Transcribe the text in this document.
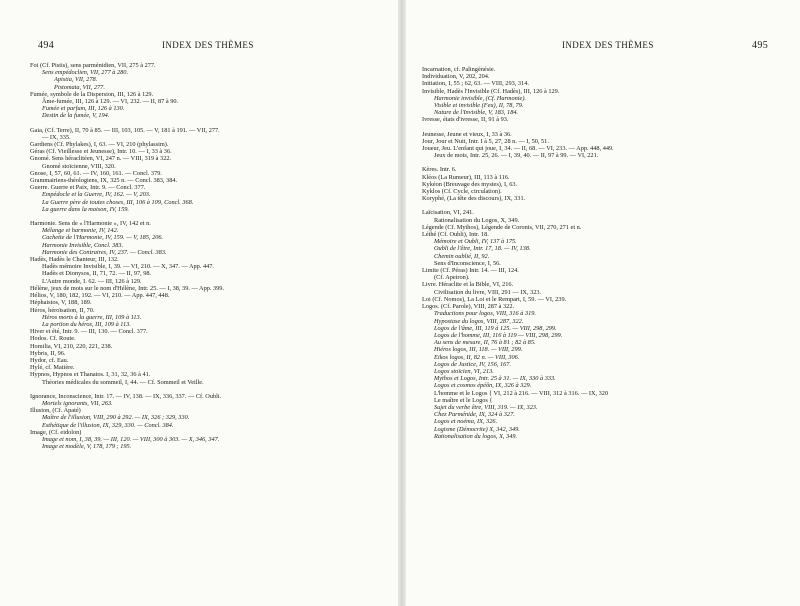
494	INDEX DES THÈMES
Foi (Cf. Pistis), sens parménidien, VII, 275 à 277.
Sens empédoclien, VII, 277 à 280.
Apistia, VII, 278.
Pistomata, VII, 277.
Fumée, symbole de la Dispersion, III, 126 à 129.
Âme-fumée, III, 126 à 129. — VI, 232. — II, 87 à 90.
Fumée et parfum, III, 126 à 130.
Destin de la fumée, V, 194.
Gaia, (Cf. Terre), II, 70 à 85. — III, 103, 105. — V, 181 à 191. — VII, 277.
— IX, 335.
Gardiens (Cf. Phylakes), I, 63. — VI, 210 (phylassim).
Géras (Cf. Vieillesse et Jeunesse), Intr. 10. — I, 33 à 36.
Gnomé. Sens héraclitéen, VI, 247 n. — VIII, 319 à 322.
Gnomé stoïcienne, VIII, 320.
Gnose, I, 57, 60, 61. — IV, 160, 161. — Concl. 379.
Grammairiens-théologiens, IX, 325 n. — Concl. 383, 384.
Guerre. Guerre et Paix, Intr. 9. — Concl. 377.
Empédocle et la Guerre, IV, 162. — V, 203.
La Guerre père de toutes choses, III, 106 à 109, Concl. 368.
La guerre dans la maison, IV, 159.
Harmonie. Sens de « l'Harmonie », IV, 142 et n.
Mélange et harmonie, IV, 142.
Cachette de l'Harmonie, IV, 159. — V, 185, 206.
Harmonie Invisible, Concl. 383.
Harmonie des Contraires, IV, 237. — Concl. 383.
Hadès, Hadès le Chanteur, III, 132.
Hadès mémoire Invisible, I, 39. — VI, 210. — X, 347. — App. 447.
Hadès et Dionysos, II, 71, 72. — II, 97, 98.
L'Autre monde, I. 62. — III, 126 à 129.
Hélène, jeux de mots sur le nom d'Hélène, Intr. 25. — I, 38, 39. — App. 399.
Hélios, V, 180, 182, 192. — VI, 210. — App. 447, 448.
Héphaistos, V, 188, 189.
Héros, héroïsation, II, 70.
Héros morts à la guerre, III, 109 à 113.
La portion du héros, III, 109 à 113.
Hiver et été, Intr. 9. — III, 130. — Concl. 377.
Hodos. Cf. Route.
Homilia, VI, 210, 220, 221, 238.
Hybris, II, 96.
Hydor, cf. Eau.
Hylé, cf. Matière.
Hypnos, Hypnos et Thanatos. I, 31, 32, 36 à 41.
Théories médicales du sommeil, I, 44. — Cf. Sommeil et Veille.
Ignorance, Inconscience, Intr. 17. — IV, 138. — IX, 336, 337. — Cf. Oubli.
Mortels ignorants, VII, 263.
Illusion, (Cf. Apaté)
Maître de l'illusion, VIII, 290 à 292. — IX, 326 ; 329, 330.
Esthétique de l'illusion, IX, 329, 330. — Concl. 384.
Image, (Cf. eidolon)
Image et nom, I, 38, 39. — III, 120. — VIII, 300 à 303. — X, 346, 347.
Image et modèle, V, 178, 179 ; 195.
INDEX DES THÈMES	495
Incarnation, cf. Palingénésie.
Individuation, V, 202, 204.
Initiation, I, 55 ; 62, 63. — VIII, 293, 314.
Invisible, Hadès l'Invisible (Cf. Hadès), III, 126 à 129.
Harmonie invisible, (Cf. Harmonie).
Visible et invisible (Feu), II, 78, 79.
Nature de l'Invisible, V, 183, 184.
Ivresse, états d'ivresse, II, 91 à 93.
Jeunesse, Jeune et vieux, I, 33 à 36.
Jour, Jour et Nuit, Intr. I à 5, 27, 28 n. — I, 50, 51.
Joueur, Jeu. L'enfant qui joue, I, 34. — II, 68. — VI, 233. — App. 448, 449.
Jeux de mots, Intr. 25, 26. — I, 39, 40. — II, 97 à 99. — VI, 221.
Kères. Intr. 6.
Kléos (La Rumeur), III, 113 à 116.
Kykéon (Breuvage des mystes), I, 63.
Kyklos (Cf. Cycle, circulation).
Koryphé, (La tête des discours), IX, 331.
Laïcisation, VI, 241.
Rationalisation du Logos, X, 349.
Légende (Cf. Mythos), Légende de Coronis, VII, 270, 271 et n.
Léthé (Cf. Oubli), Intr. 18.
Mémoire et Oubli, IV, 137 à 175.
Oubli de l'être, Intr. 17, 18. — IV, 138.
Chemin oublié, II, 92.
Sens d'Inconscience, I, 56.
Limite (Cf. Péras) Intr. 14. — III, 124.
(Cf. Apeiron).
Livre. Héraclite et la Bible, VI, 216.
Civilisation du livre, VIII, 291 — IX, 323.
Loi (Cf. Nomos), La Loi et le Rempart, I, 59. — VI, 239.
Logos. (Cf. Parole), VIII, 287 à 322.
Traductions pour logos, VIII, 316 à 319.
Hypostase du logos, VIII, 287, 322.
Logos de l'âme, III, 119 à 125. — VIII, 298, 299.
Logos de l'homme, III, 116 à 119 — VIII, 298, 299.
Au sens de mesure, II, 76 à 81 ; 82 à 85.
Hiéros logos, III, 118. — VIII, 299.
Eikos logos, II, 82 n. — VIII, 306.
Logos de Justice, IV, 156, 167.
Logos stoïcien, VI, 213.
Mythos et Logos, Intr. 25 à 31. — IX, 330 à 333.
Logos et cosmos épéôn, IX, 326 à 329.
L'homme et le Logos { VI, 212 à 216. — VIII, 312 à 316. — IX, 320
Le maître et le Logos {
Sujet du verbe être, VIII, 319. — IX, 323.
Chez Parménide, IX, 324 à 327.
Logos et noéma, IX, 326.
Logisme (Démocrite) X, 342, 349.
Rationalisation du logos, X, 349.
